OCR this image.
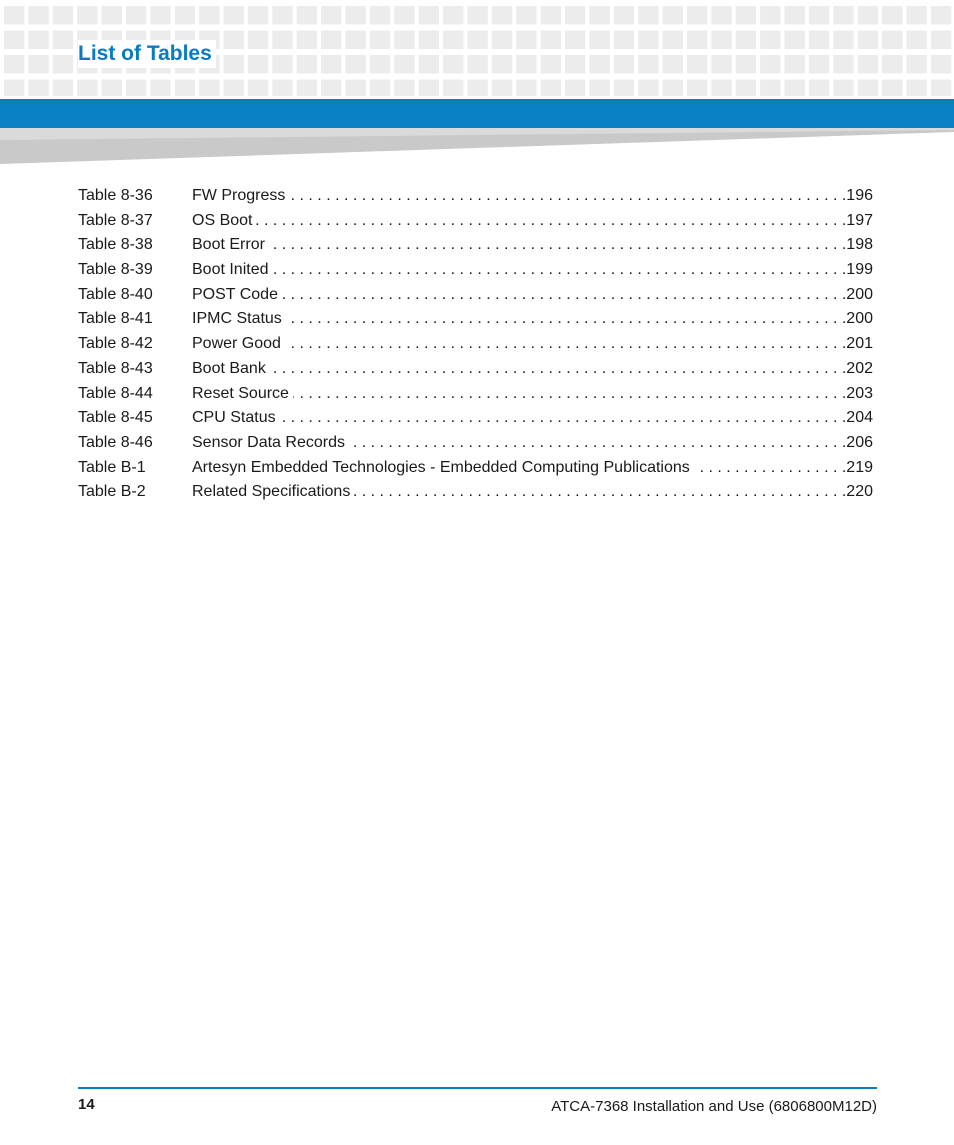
List of Tables
Table 8-36	FW Progress . . .	196
Table 8-37	OS Boot . . .	197
Table 8-38	Boot Error . . .	198
Table 8-39	Boot Inited . . .	199
Table 8-40	POST Code . . .	200
Table 8-41	IPMC Status . . .	200
Table 8-42	Power Good . . .	201
Table 8-43	Boot Bank . . .	202
Table 8-44	Reset Source . . .	203
Table 8-45	CPU Status . . .	204
Table 8-46	Sensor Data Records . . .	206
Table B-1	Artesyn Embedded Technologies - Embedded Computing Publications . . .	219
Table B-2	Related Specifications . . .	220
14	ATCA-7368 Installation and Use (6806800M12D)
